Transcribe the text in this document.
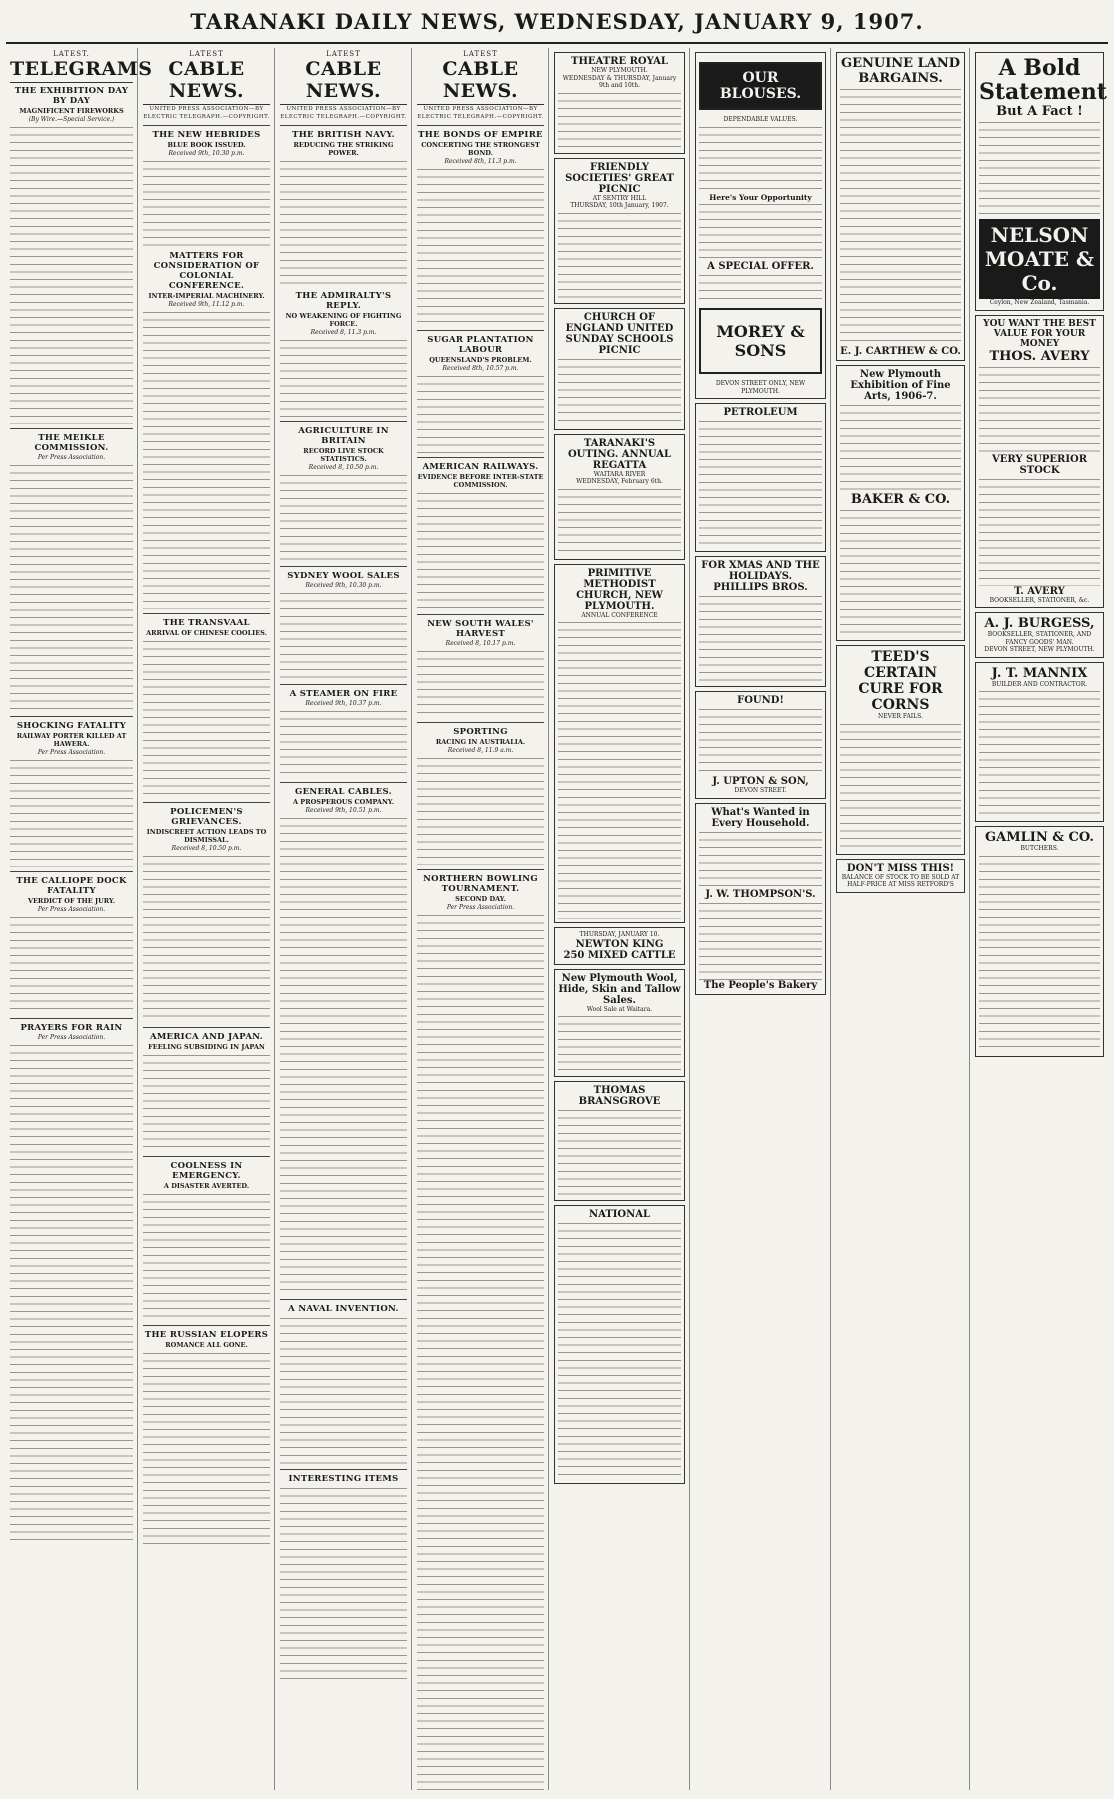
TARANAKI DAILY NEWS, WEDNESDAY, JANUARY 9, 1907.
LATEST.
TELEGRAMS
THE EXHIBITION DAY BY DAY
MAGNIFICENT FIREWORKS
(By Wire.—Special Service.)
THE MEIKLE COMMISSION.
Per Press Association.
SHOCKING FATALITY
RAILWAY PORTER KILLED AT HAWERA.
Per Press Association.
THE CALLIOPE DOCK FATALITY
VERDICT OF THE JURY.
Per Press Association.
PRAYERS FOR RAIN
Per Press Association.
LATEST
CABLE NEWS.
UNITED PRESS ASSOCIATION—BY ELECTRIC TELEGRAPH.—COPYRIGHT.
THE NEW HEBRIDES
BLUE BOOK ISSUED.
Received 9th, 10.30 p.m.
MATTERS FOR CONSIDERATION OF COLONIAL CONFERENCE.
INTER-IMPERIAL MACHINERY.
Received 9th, 11.12 p.m.
THE TRANSVAAL
ARRIVAL OF CHINESE COOLIES.
POLICEMEN'S GRIEVANCES.
INDISCREET ACTION LEADS TO DISMISSAL.
Received 8, 10.50 p.m.
AMERICA AND JAPAN.
FEELING SUBSIDING IN JAPAN
COOLNESS IN EMERGENCY.
A DISASTER AVERTED.
THE RUSSIAN ELOPERS
ROMANCE ALL GONE.
LATEST
CABLE NEWS.
UNITED PRESS ASSOCIATION—BY ELECTRIC TELEGRAPH.—COPYRIGHT.
THE BRITISH NAVY.
REDUCING THE STRIKING POWER.
THE ADMIRALTY'S REPLY.
NO WEAKENING OF FIGHTING FORCE.
Received 8, 11.3 p.m.
AGRICULTURE IN BRITAIN
RECORD LIVE STOCK STATISTICS.
Received 8, 10.50 p.m.
SYDNEY WOOL SALES
Received 9th, 10.30 p.m.
A STEAMER ON FIRE
Received 9th, 10.37 p.m.
GENERAL CABLES.
A PROSPEROUS COMPANY.
Received 9th, 10.51 p.m.
A NAVAL INVENTION.
INTERESTING ITEMS
LATEST
CABLE NEWS.
UNITED PRESS ASSOCIATION—BY ELECTRIC TELEGRAPH.—COPYRIGHT.
THE BONDS OF EMPIRE
CONCERTING THE STRONGEST BOND.
Received 8th, 11.3 p.m.
SUGAR PLANTATION LABOUR
QUEENSLAND'S PROBLEM.
Received 8th, 10.57 p.m.
AMERICAN RAILWAYS.
EVIDENCE BEFORE INTER-STATE COMMISSION.
NEW SOUTH WALES' HARVEST
Received 8, 10.17 p.m.
SPORTING
RACING IN AUSTRALIA.
Received 8, 11.9 a.m.
NORTHERN BOWLING TOURNAMENT.
SECOND DAY.
Per Press Association.
THEATRE ROYAL
NEW PLYMOUTH.
WEDNESDAY & THURSDAY, January 9th and 10th.
FRIENDLY SOCIETIES' GREAT PICNIC
AT SENTRY HILL
THURSDAY, 10th January, 1907.
CHURCH OF ENGLAND UNITED SUNDAY SCHOOLS PICNIC
TARANAKI'S OUTING. ANNUAL REGATTA
WAITARA RIVER
WEDNESDAY, February 6th.
PRIMITIVE METHODIST CHURCH, NEW PLYMOUTH.
ANNUAL CONFERENCE
THURSDAY, JANUARY 10.
NEWTON KING
250 MIXED CATTLE
New Plymouth Wool, Hide, Skin and Tallow Sales.
Wool Sale at Waitara.
THOMAS BRANSGROVE
NATIONAL
OUR BLOUSES.
DEPENDABLE VALUES.
Here's Your Opportunity
A SPECIAL OFFER.
MOREY & SONS
DEVON STREET ONLY, NEW PLYMOUTH.
PETROLEUM
FOR XMAS AND THE HOLIDAYS.
PHILLIPS BROS.
FOUND!
J. UPTON & SON,
DEVON STREET.
What's Wanted in Every Household.
J. W. THOMPSON'S.
The People's Bakery
GENUINE LAND BARGAINS.
E. J. CARTHEW & CO.
New Plymouth Exhibition of Fine Arts, 1906-7.
BAKER & CO.
TEED'S CERTAIN CURE FOR CORNS
NEVER FAILS.
DON'T MISS THIS!
BALANCE OF STOCK TO BE SOLD AT HALF-PRICE AT MISS RETFORD'S
A Bold Statement
But A Fact !
NELSON MOATE & Co.
Ceylon, New Zealand, Tasmania.
YOU WANT THE BEST VALUE FOR YOUR MONEY
THOS. AVERY
VERY SUPERIOR STOCK
T. AVERY
BOOKSELLER, STATIONER, &c.
A. J. BURGESS,
BOOKSELLER, STATIONER, AND FANCY GOODS' MAN.
DEVON STREET, NEW PLYMOUTH.
J. T. MANNIX
BUILDER AND CONTRACTOR.
GAMLIN & CO.
BUTCHERS.
